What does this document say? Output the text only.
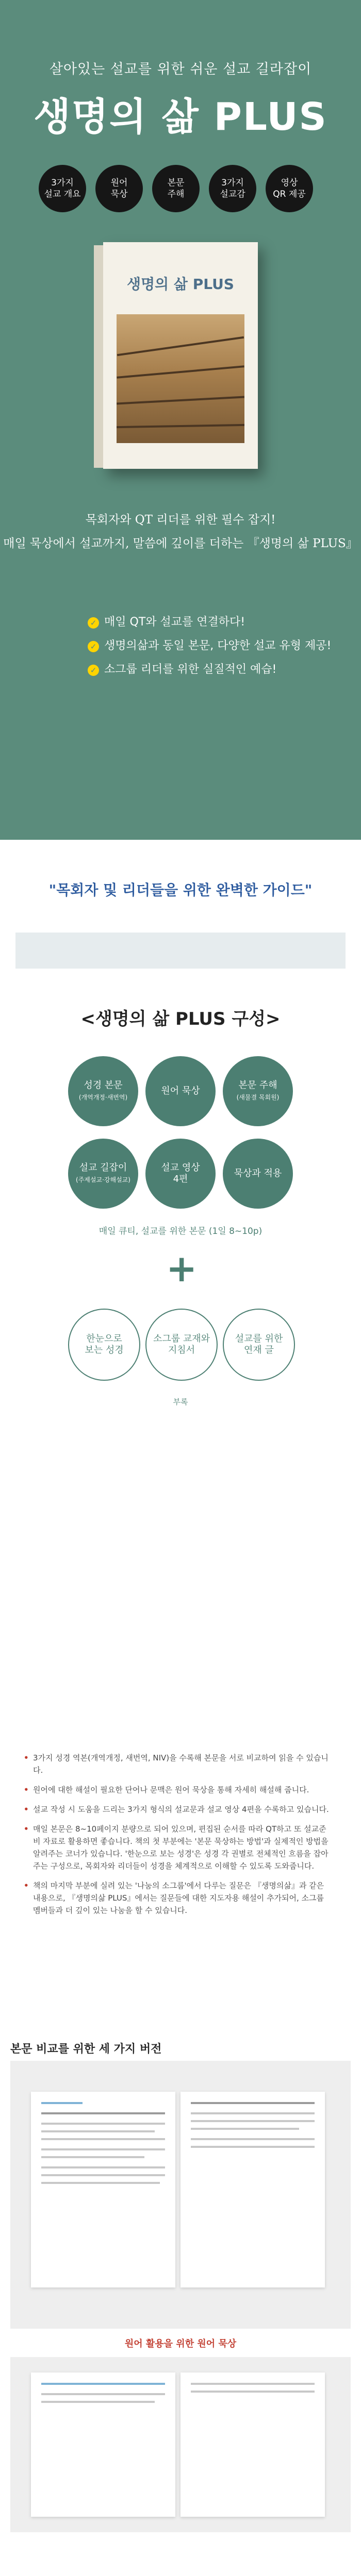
살아있는 설교를 위한 쉬운 설교 길라잡이
생명의 삶 PLUS
3가지
설교 개요
원어
묵상
본문
주해
3가지
설교감
영상
QR 제공
생명의 삶 PLUS
목회자와 QT 리더를 위한 필수 잡지!
매일 묵상에서 설교까지, 말씀에 깊이를 더하는 『생명의 삶 PLUS』
✓ 매일 QT와 설교를 연결하다!
✓ 생명의삶과 동일 본문, 다양한 설교 유형 제공!
✓ 소그룹 리더를 위한 실질적인 예습!
"목회자 및 리더들을 위한 완벽한 가이드"
<생명의 삶 PLUS 구성>
성경 본문
(개역개정·새번역)
원어 묵상
본문 주해
(새물결 목회원)
설교 길잡이
(주제설교·강해설교)
설교 영상
4편
묵상과 적용
매일 큐티, 설교를 위한 본문 (1일 8~10p)
+
한눈으로
보는 성경
소그룹 교재와
지침서
설교를 위한
연재 글
부록
• 3가지 성경 역본(개역개정, 새번역, NIV)을 수록해 본문을 서로 비교하여 읽을 수 있습니다.
• 원어에 대한 해설이 필요한 단어나 문맥은 원어 묵상을 통해 자세히 해설해 줍니다.
• 설교 작성 시 도움을 드리는 3가지 형식의 설교문과 설교 영상 4편을 수록하고 있습니다.
• 매일 본문은 8~10페이지 분량으로 되어 있으며, 편집된 순서를 따라 QT하고 또 설교준비 자료로 활용하면 좋습니다. 책의 첫 부분에는 '본문 묵상하는 방법'과 실제적인 방법을 알려주는 코너가 있습니다. '한눈으로 보는 성경'은 성경 각 권별로 전체적인 흐름을 잡아 주는 구성으로, 목회자와 리더들이 성경을 체계적으로 이해할 수 있도록 도와줍니다.
• 책의 마지막 부분에 실려 있는 '나눔의 소그룹'에서 다루는 질문은 『생명의삶』과 같은 내용으로, 『생명의삶 PLUS』에서는 질문들에 대한 지도자용 해설이 추가되어, 소그룹 멤버들과 더 깊이 있는 나눔을 할 수 있습니다.
본문 비교를 위한 세 가지 버전
원어 활용을 위한 원어 묵상
